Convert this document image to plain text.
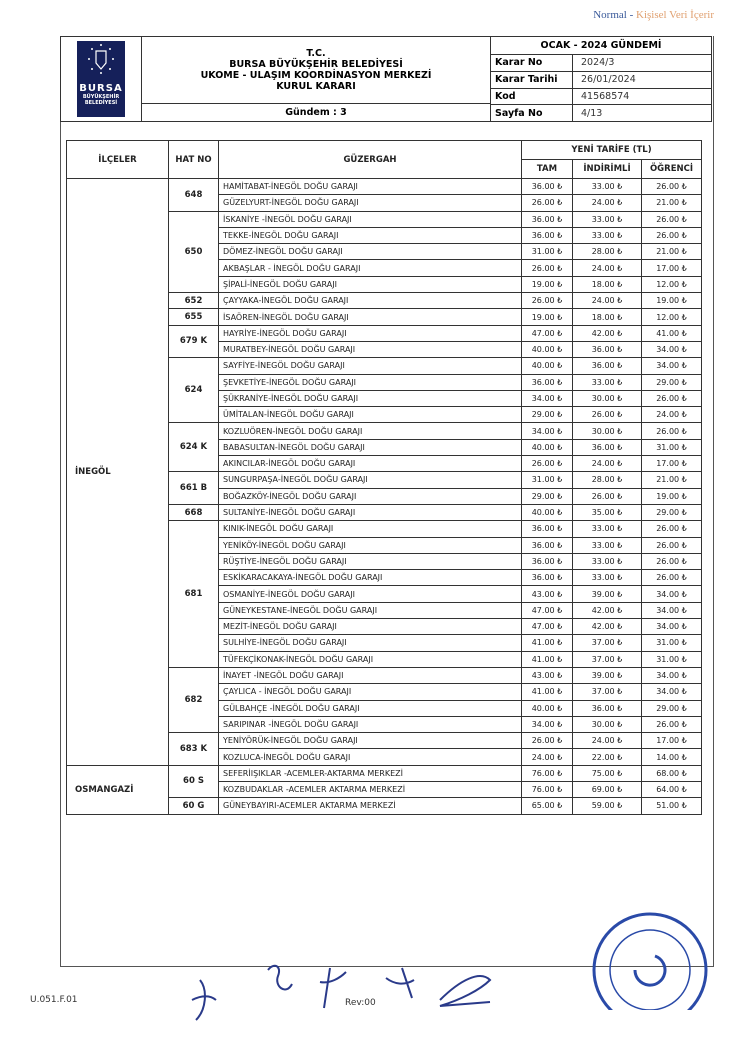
Normal - Kişisel Veri İçerir
BURSA
BÜYÜKŞEHİR
BELEDİYESİ
T.C.
BURSA BÜYÜKŞEHİR BELEDİYESİ
UKOME - ULAŞIM KOORDİNASYON MERKEZİ
KURUL KARARI
Gündem : 3
OCAK - 2024 GÜNDEMİ
Karar No	2024/3
Karar Tarihi	26/01/2024
Kod	41568574
Sayfa No	4/13
İLÇELER	HAT NO	GÜZERGAH	YENİ TARİFE (TL)		
			TAM	İNDİRİMLİ	ÖĞRENCİ
İNEGÖL	648	HAMİTABAT-İNEGÖL DOĞU GARAJI	36.00 ₺	33.00 ₺	26.00 ₺
		GÜZELYURT-İNEGÖL DOĞU GARAJI	26.00 ₺	24.00 ₺	21.00 ₺
	650	İSKANİYE -İNEGÖL DOĞU GARAJI	36.00 ₺	33.00 ₺	26.00 ₺
		TEKKE-İNEGÖL DOĞU GARAJI	36.00 ₺	33.00 ₺	26.00 ₺
		DÖMEZ-İNEGÖL DOĞU GARAJI	31.00 ₺	28.00 ₺	21.00 ₺
		AKBAŞLAR - İNEGÖL DOĞU GARAJI	26.00 ₺	24.00 ₺	17.00 ₺
		ŞİPALİ-İNEGÖL DOĞU GARAJI	19.00 ₺	18.00 ₺	12.00 ₺
	652	ÇAYYAKA-İNEGÖL DOĞU GARAJI	26.00 ₺	24.00 ₺	19.00 ₺
	655	İSAÖREN-İNEGÖL DOĞU GARAJI	19.00 ₺	18.00 ₺	12.00 ₺
	679 K	HAYRİYE-İNEGÖL DOĞU GARAJI	47.00 ₺	42.00 ₺	41.00 ₺
		MURATBEY-İNEGÖL DOĞU GARAJI	40.00 ₺	36.00 ₺	34.00 ₺
	624	SAYFİYE-İNEGÖL DOĞU GARAJI	40.00 ₺	36.00 ₺	34.00 ₺
		ŞEVKETİYE-İNEGÖL DOĞU GARAJI	36.00 ₺	33.00 ₺	29.00 ₺
		ŞÜKRANİYE-İNEGÖL DOĞU GARAJI	34.00 ₺	30.00 ₺	26.00 ₺
		ÜMİTALAN-İNEGÖL DOĞU GARAJI	29.00 ₺	26.00 ₺	24.00 ₺
	624 K	KOZLUÖREN-İNEGÖL DOĞU GARAJI	34.00 ₺	30.00 ₺	26.00 ₺
		BABASULTAN-İNEGÖL DOĞU GARAJI	40.00 ₺	36.00 ₺	31.00 ₺
		AKINCILAR-İNEGÖL DOĞU GARAJI	26.00 ₺	24.00 ₺	17.00 ₺
	661 B	SUNGURPAŞA-İNEGÖL DOĞU GARAJI	31.00 ₺	28.00 ₺	21.00 ₺
		BOĞAZKÖY-İNEGÖL DOĞU GARAJI	29.00 ₺	26.00 ₺	19.00 ₺
	668	SULTANİYE-İNEGÖL DOĞU GARAJI	40.00 ₺	35.00 ₺	29.00 ₺
	681	KINIK-İNEGÖL DOĞU GARAJI	36.00 ₺	33.00 ₺	26.00 ₺
		YENİKÖY-İNEGÖL DOĞU GARAJI	36.00 ₺	33.00 ₺	26.00 ₺
		RÜŞTİYE-İNEGÖL DOĞU GARAJI	36.00 ₺	33.00 ₺	26.00 ₺
		ESKİKARACAKAYA-İNEGÖL DOĞU GARAJI	36.00 ₺	33.00 ₺	26.00 ₺
		OSMANİYE-İNEGÖL DOĞU GARAJI	43.00 ₺	39.00 ₺	34.00 ₺
		GÜNEYKESTANE-İNEGÖL DOĞU GARAJI	47.00 ₺	42.00 ₺	34.00 ₺
		MEZİT-İNEGÖL DOĞU GARAJI	47.00 ₺	42.00 ₺	34.00 ₺
		SULHİYE-İNEGÖL DOĞU GARAJI	41.00 ₺	37.00 ₺	31.00 ₺
		TÜFEKÇİKONAK-İNEGÖL DOĞU GARAJI	41.00 ₺	37.00 ₺	31.00 ₺
	682	İNAYET -İNEGÖL DOĞU GARAJI	43.00 ₺	39.00 ₺	34.00 ₺
		ÇAYLICA - İNEGÖL DOĞU GARAJI	41.00 ₺	37.00 ₺	34.00 ₺
		GÜLBAHÇE -İNEGÖL DOĞU GARAJI	40.00 ₺	36.00 ₺	29.00 ₺
		SARIPINAR -İNEGÖL DOĞU GARAJI	34.00 ₺	30.00 ₺	26.00 ₺
	683 K	YENİYÖRÜK-İNEGÖL DOĞU GARAJI	26.00 ₺	24.00 ₺	17.00 ₺
		KOZLUCA-İNEGÖL DOĞU GARAJI	24.00 ₺	22.00 ₺	14.00 ₺
OSMANGAZİ	60 S	SEFERİIŞIKLAR -ACEMLER-AKTARMA MERKEZİ	76.00 ₺	75.00 ₺	68.00 ₺
		KOZBUDAKLAR -ACEMLER AKTARMA MERKEZİ	76.00 ₺	69.00 ₺	64.00 ₺
	60 G	GÜNEYBAYIRI-ACEMLER AKTARMA MERKEZİ	65.00 ₺	59.00 ₺	51.00 ₺
U.051.F.01	Rev:00
